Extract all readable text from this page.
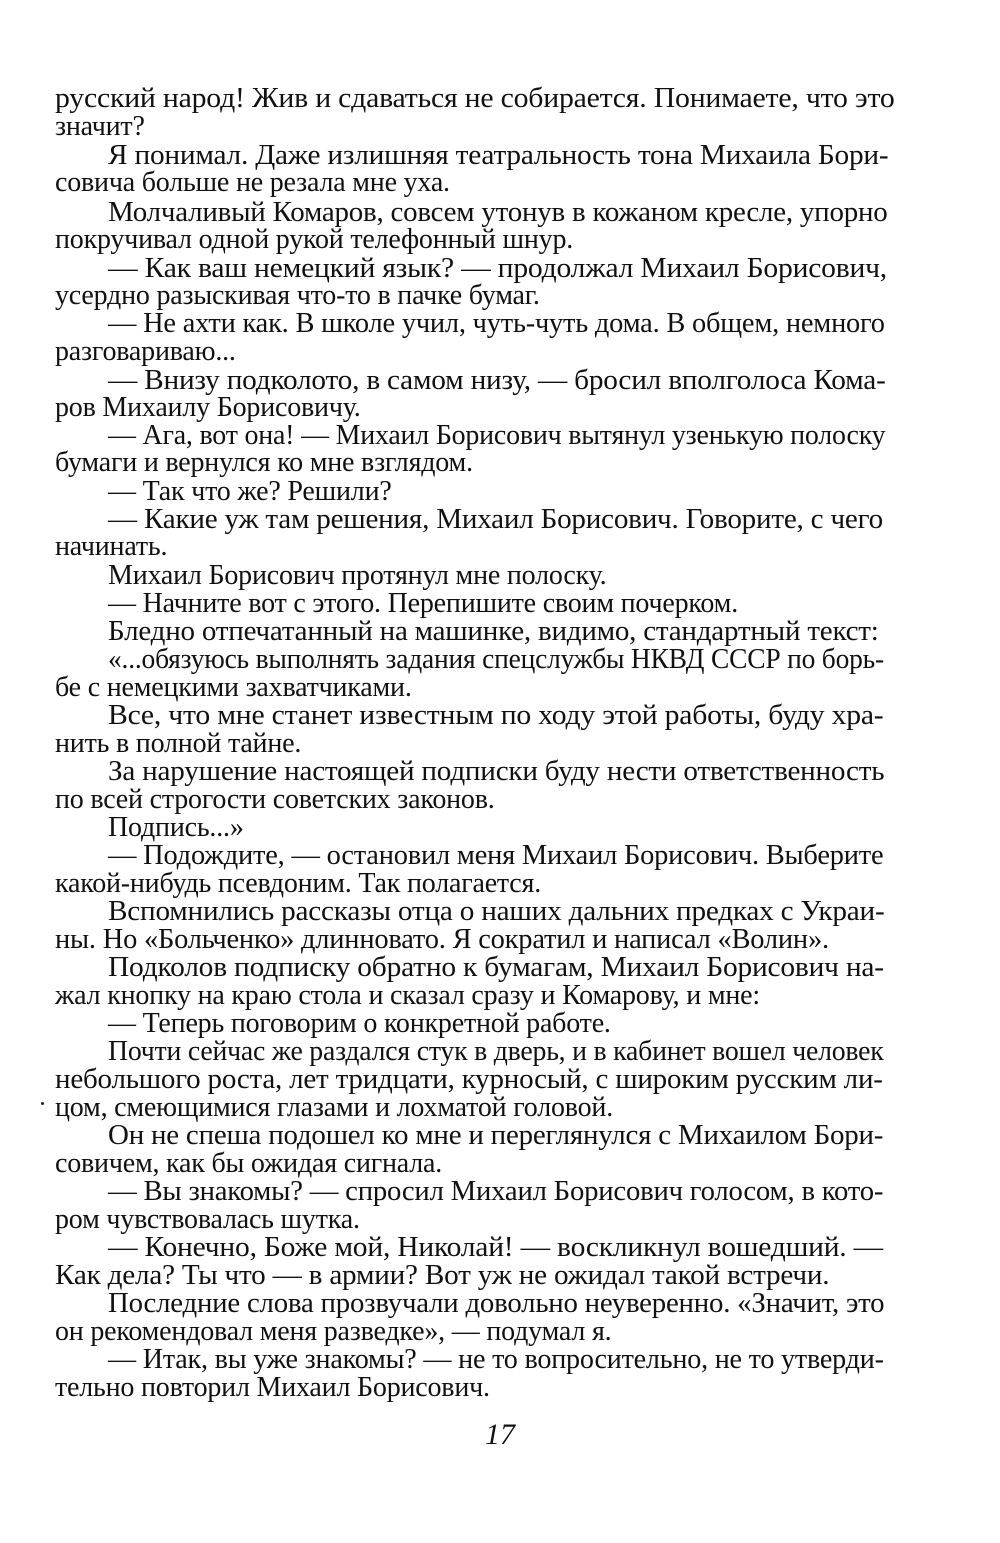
русский народ! Жив и сдаваться не собирается. Понимаете, что это
значит?
Я понимал. Даже излишняя театральность тона Михаила Бори-
совича больше не резала мне уха.
Молчаливый Комаров, совсем утонув в кожаном кресле, упорно
покручивал одной рукой телефонный шнур.
— Как ваш немецкий язык? — продолжал Михаил Борисович,
усердно разыскивая что-то в пачке бумаг.
— Не ахти как. В школе учил, чуть-чуть дома. В общем, немного
разговариваю...
— Внизу подколото, в самом низу, — бросил вполголоса Кома-
ров Михаилу Борисовичу.
— Ага, вот она! — Михаил Борисович вытянул узенькую полоску
бумаги и вернулся ко мне взглядом.
— Так что же? Решили?
— Какие уж там решения, Михаил Борисович. Говорите, с чего
начинать.
Михаил Борисович протянул мне полоску.
— Начните вот с этого. Перепишите своим почерком.
Бледно отпечатанный на машинке, видимо, стандартный текст:
«...обязуюсь выполнять задания спецслужбы НКВД СССР по борь-
бе с немецкими захватчиками.
Все, что мне станет известным по ходу этой работы, буду хра-
нить в полной тайне.
За нарушение настоящей подписки буду нести ответственность
по всей строгости советских законов.
Подпись...»
— Подождите, — остановил меня Михаил Борисович. Выберите
какой-нибудь псевдоним. Так полагается.
Вспомнились рассказы отца о наших дальних предках с Украи-
ны. Но «Больченко» длинновато. Я сократил и написал «Волин».
Подколов подписку обратно к бумагам, Михаил Борисович на-
жал кнопку на краю стола и сказал сразу и Комарову, и мне:
— Теперь поговорим о конкретной работе.
Почти сейчас же раздался стук в дверь, и в кабинет вошел человек
небольшого роста, лет тридцати, курносый, с широким русским ли-
цом, смеющимися глазами и лохматой головой.
Он не спеша подошел ко мне и переглянулся с Михаилом Бори-
совичем, как бы ожидая сигнала.
— Вы знакомы? — спросил Михаил Борисович голосом, в кото-
ром чувствовалась шутка.
— Конечно, Боже мой, Николай! — воскликнул вошедший. —
Как дела? Ты что — в армии? Вот уж не ожидал такой встречи.
Последние слова прозвучали довольно неуверенно. «Значит, это
он рекомендовал меня разведке», — подумал я.
— Итак, вы уже знакомы? — не то вопросительно, не то утверди-
тельно повторил Михаил Борисович.
17
